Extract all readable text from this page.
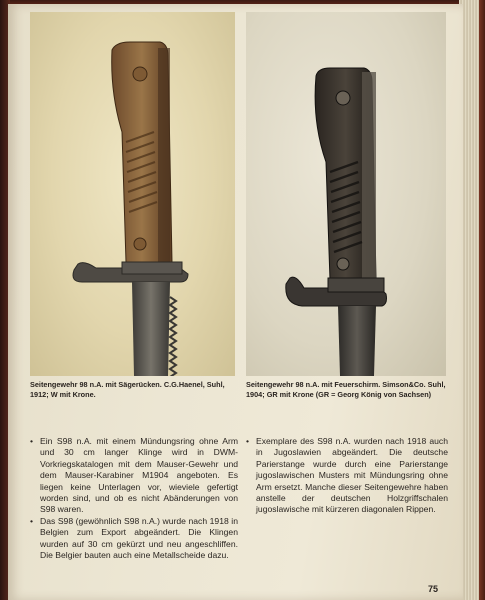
Seitengewehr 98 n.A. mit Sägerücken. C.G.Haenel, Suhl, 1912; W mit Krone.

Seitengewehr 98 n.A. mit Feuerschirm. Simson&Co. Suhl, 1904; GR mit Krone (GR = Georg König von Sachsen)

• Ein S98 n.A. mit einem Mündungsring ohne Arm und 30 cm langer Klinge wird in DWM-Vorkriegskatalogen mit dem Mauser-Gewehr und dem Mauser-Karabiner M1904 angeboten. Es liegen keine Unterlagen vor, wieviele gefertigt worden sind, und ob es nicht Abänderungen von S98 waren.

• Das S98 (gewöhnlich S98 n.A.) wurde nach 1918 in Belgien zum Export abgeändert. Die Klingen wurden auf 30 cm gekürzt und neu angeschliffen. Die Belgier bauten auch eine Metallscheide dazu.

• Exemplare des S98 n.A. wurden nach 1918 auch in Jugoslawien abgeändert. Die deutsche Parierstange wurde durch eine Parierstange jugoslawischen Musters mit Mündungsring ohne Arm ersetzt. Manche dieser Seitengewehre haben anstelle der deutschen Holzgriffschalen jugoslawische mit kürzeren diagonalen Rippen.

75
